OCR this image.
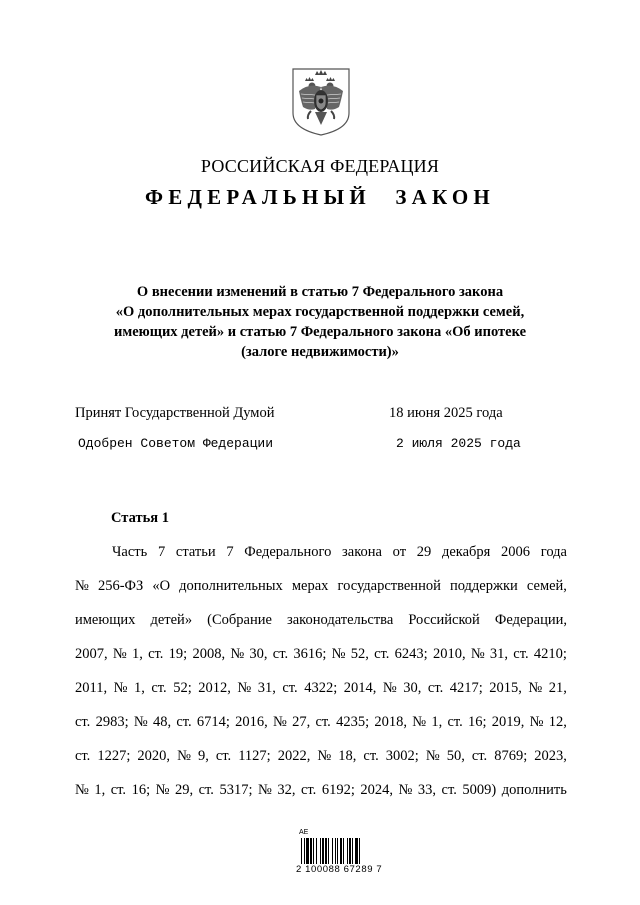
РОССИЙСКАЯ ФЕДЕРАЦИЯ
ФЕДЕРАЛЬНЫЙ ЗАКОН
О внесении изменений в статью 7 Федерального закона
«О дополнительных мерах государственной поддержки семей,
имеющих детей» и статью 7 Федерального закона «Об ипотеке
(залоге недвижимости)»
Принят Государственной Думой	18 июня 2025 года
Одобрен Советом Федерации	2 июля 2025 года
Статья 1
Часть 7 статьи 7 Федерального закона от 29 декабря 2006 года
№ 256-ФЗ «О дополнительных мерах государственной поддержки семей,
имеющих детей» (Собрание законодательства Российской Федерации,
2007, № 1, ст. 19; 2008, № 30, ст. 3616; № 52, ст. 6243; 2010, № 31, ст. 4210;
2011, № 1, ст. 52; 2012, № 31, ст. 4322; 2014, № 30, ст. 4217; 2015, № 21,
ст. 2983; № 48, ст. 6714; 2016, № 27, ст. 4235; 2018, № 1, ст. 16; 2019, № 12,
ст. 1227; 2020, № 9, ст. 1127; 2022, № 18, ст. 3002; № 50, ст. 8769; 2023,
№ 1, ст. 16; № 29, ст. 5317; № 32, ст. 6192; 2024, № 33, ст. 5009) дополнить
AE
2 100088 67289 7
